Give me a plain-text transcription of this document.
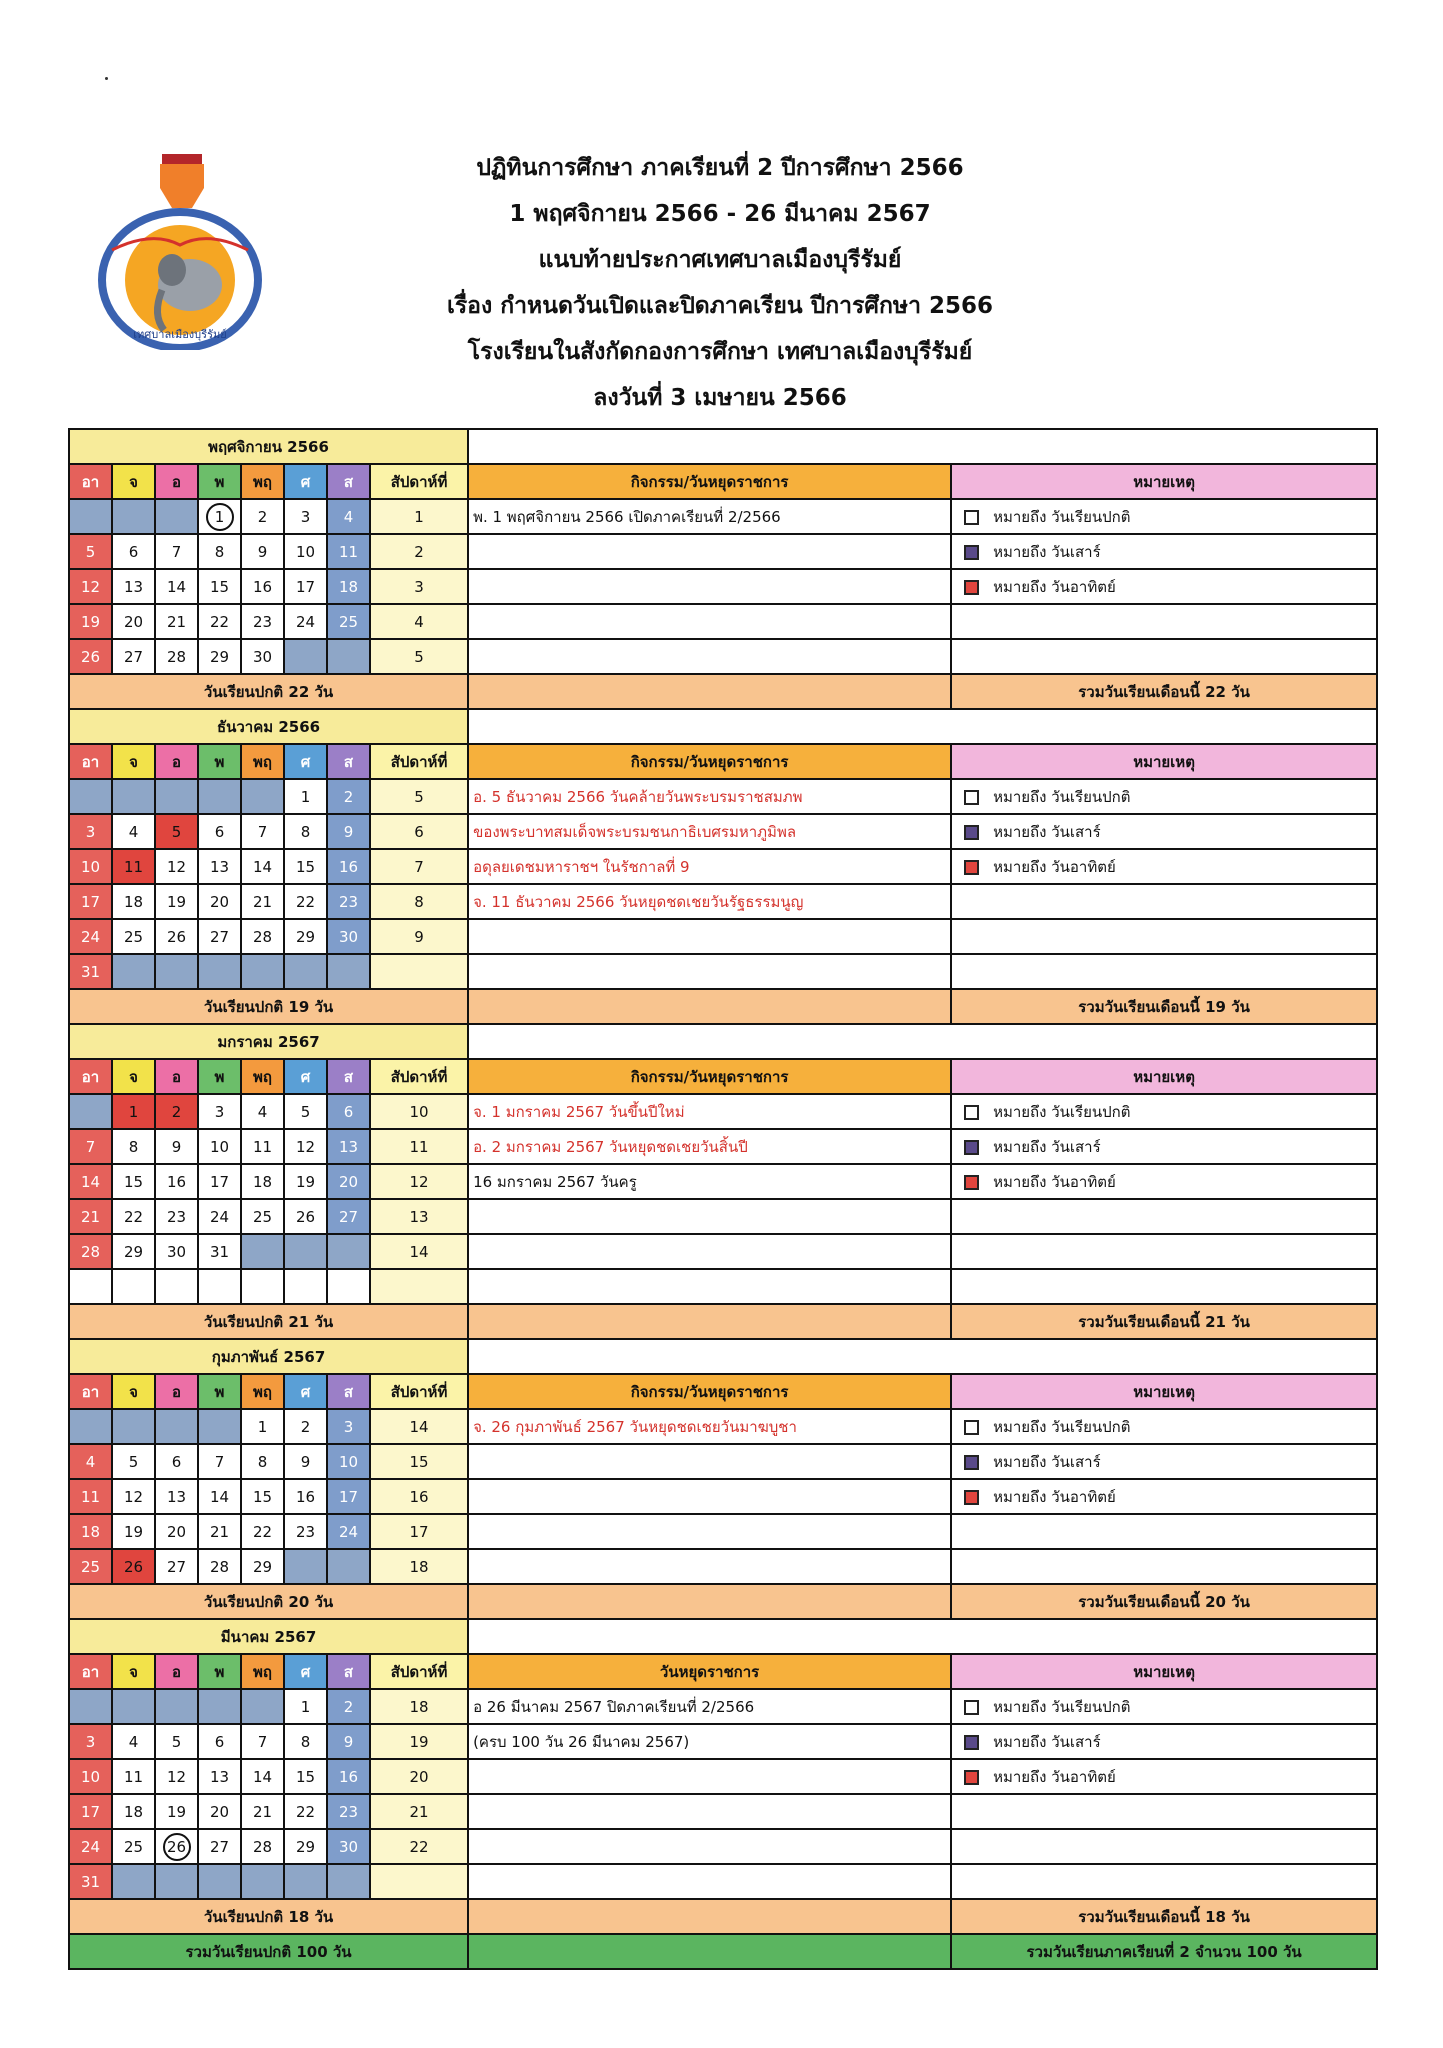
เทศบาลเมืองบุรีรัมย์
ปฏิทินการศึกษา ภาคเรียนที่ 2 ปีการศึกษา 2566
1 พฤศจิกายน 2566 - 26 มีนาคม 2567
แนบท้ายประกาศเทศบาลเมืองบุรีรัมย์
เรื่อง กำหนดวันเปิดและปิดภาคเรียน ปีการศึกษา 2566
โรงเรียนในสังกัดกองการศึกษา เทศบาลเมืองบุรีรัมย์
ลงวันที่ 3 เมษายน 2566
พฤศจิกายน 2566									
อา	จ	อ	พ	พฤ	ศ	ส	สัปดาห์ที่	กิจกรรม/วันหยุดราชการ	หมายเหตุ
			1	2	3	4	1	พ. 1 พฤศจิกายน 2566 เปิดภาคเรียนที่ 2/2566	หมายถึง วันเรียนปกติ
5	6	7	8	9	10	11	2		หมายถึง วันเสาร์
12	13	14	15	16	17	18	3		หมายถึง วันอาทิตย์
19	20	21	22	23	24	25	4		
26	27	28	29	30			5		
วันเรียนปกติ 22 วัน									รวมวันเรียนเดือนนี้ 22 วัน
ธันวาคม 2566									
อา	จ	อ	พ	พฤ	ศ	ส	สัปดาห์ที่	กิจกรรม/วันหยุดราชการ	หมายเหตุ
					1	2	5	อ. 5 ธันวาคม 2566 วันคล้ายวันพระบรมราชสมภพ	หมายถึง วันเรียนปกติ
3	4	5	6	7	8	9	6	ของพระบาทสมเด็จพระบรมชนกาธิเบศรมหาภูมิพล	หมายถึง วันเสาร์
10	11	12	13	14	15	16	7	อดุลยเดชมหาราชฯ ในรัชกาลที่ 9	หมายถึง วันอาทิตย์
17	18	19	20	21	22	23	8	จ. 11 ธันวาคม 2566 วันหยุดชดเชยวันรัฐธรรมนูญ	
24	25	26	27	28	29	30	9		
31									
วันเรียนปกติ 19 วัน									รวมวันเรียนเดือนนี้ 19 วัน
มกราคม 2567									
อา	จ	อ	พ	พฤ	ศ	ส	สัปดาห์ที่	กิจกรรม/วันหยุดราชการ	หมายเหตุ
	1	2	3	4	5	6	10	จ. 1 มกราคม 2567 วันขึ้นปีใหม่	หมายถึง วันเรียนปกติ
7	8	9	10	11	12	13	11	อ. 2 มกราคม 2567 วันหยุดชดเชยวันสิ้นปี	หมายถึง วันเสาร์
14	15	16	17	18	19	20	12	16 มกราคม 2567 วันครู	หมายถึง วันอาทิตย์
21	22	23	24	25	26	27	13		
28	29	30	31				14		

วันเรียนปกติ 21 วัน									รวมวันเรียนเดือนนี้ 21 วัน
กุมภาพันธ์ 2567									
อา	จ	อ	พ	พฤ	ศ	ส	สัปดาห์ที่	กิจกรรม/วันหยุดราชการ	หมายเหตุ
				1	2	3	14	จ. 26 กุมภาพันธ์ 2567 วันหยุดชดเชยวันมาฆบูชา	หมายถึง วันเรียนปกติ
4	5	6	7	8	9	10	15		หมายถึง วันเสาร์
11	12	13	14	15	16	17	16		หมายถึง วันอาทิตย์
18	19	20	21	22	23	24	17		
25	26	27	28	29			18		
วันเรียนปกติ 20 วัน									รวมวันเรียนเดือนนี้ 20 วัน
มีนาคม 2567									
อา	จ	อ	พ	พฤ	ศ	ส	สัปดาห์ที่	วันหยุดราชการ	หมายเหตุ
					1	2	18	อ 26 มีนาคม 2567 ปิดภาคเรียนที่ 2/2566	หมายถึง วันเรียนปกติ
3	4	5	6	7	8	9	19	(ครบ 100 วัน 26 มีนาคม 2567)	หมายถึง วันเสาร์
10	11	12	13	14	15	16	20		หมายถึง วันอาทิตย์
17	18	19	20	21	22	23	21		
24	25	26	27	28	29	30	22		
31									
วันเรียนปกติ 18 วัน									รวมวันเรียนเดือนนี้ 18 วัน
รวมวันเรียนปกติ 100 วัน									รวมวันเรียนภาคเรียนที่ 2 จำนวน 100 วัน
